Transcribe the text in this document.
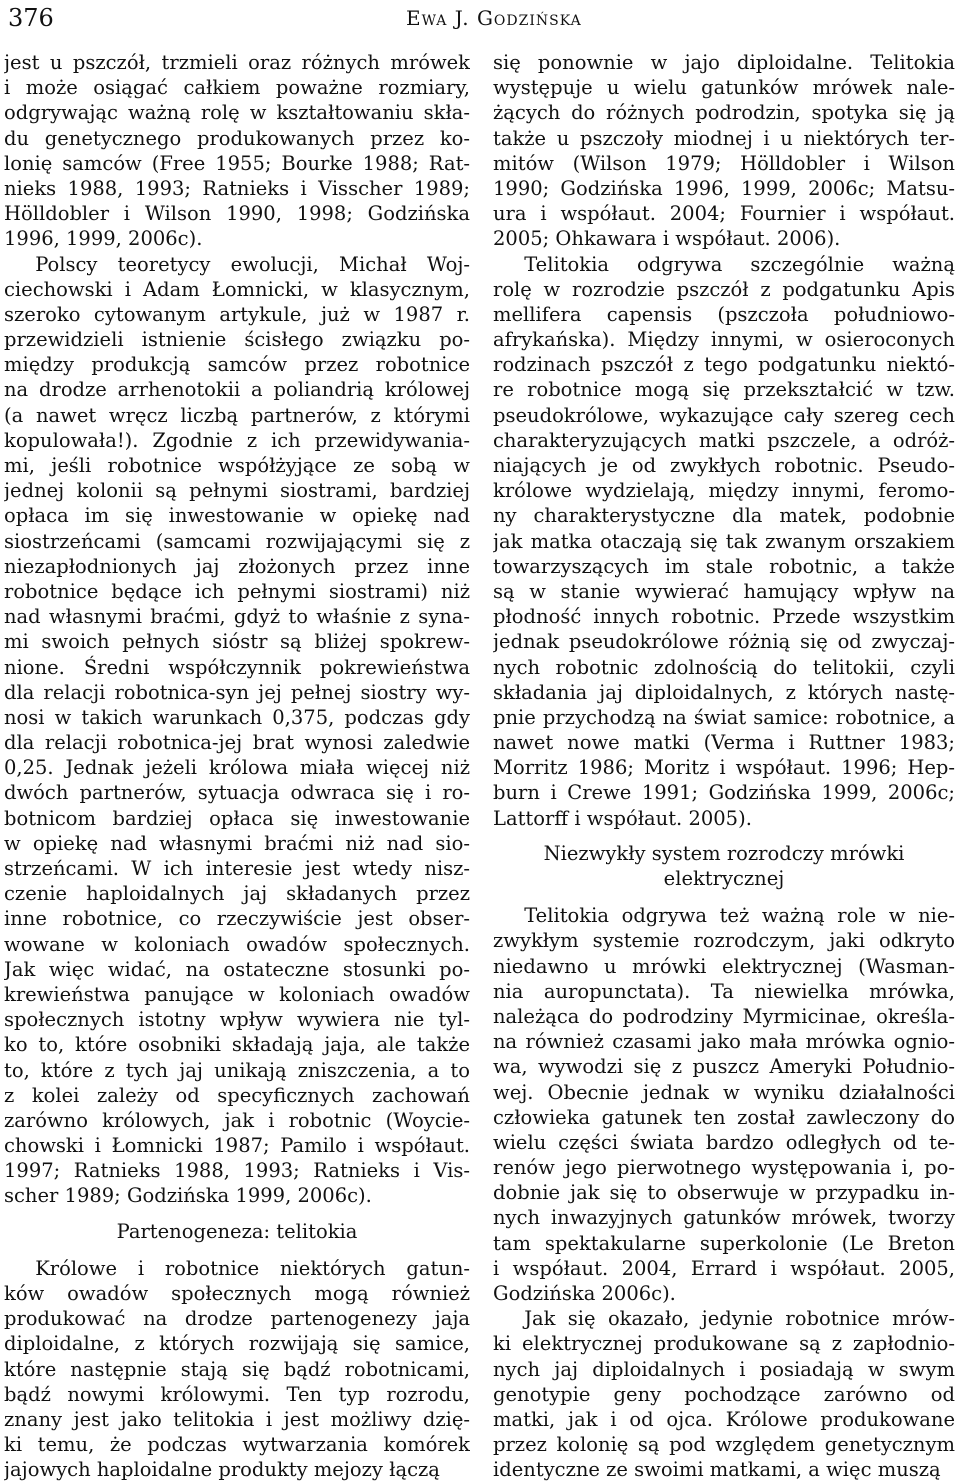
376	Ewa J. Godzińska
jest u pszczół, trzmieli oraz różnych mrówek
i może osiągać całkiem poważne rozmiary,
odgrywając ważną rolę w kształtowaniu skła-
du genetycznego produkowanych przez ko-
lonię samców (Free 1955; Bourke 1988; Rat-
nieks 1988, 1993; Ratnieks i Visscher 1989;
Hölldobler i Wilson 1990, 1998; Godzińska
1996, 1999, 2006c).
Polscy teoretycy ewolucji, Michał Woj-
ciechowski i Adam Łomnicki, w klasycznym,
szeroko cytowanym artykule, już w 1987 r.
przewidzieli istnienie ścisłego związku po-
między produkcją samców przez robotnice
na drodze arrhenotokii a poliandrią królowej
(a nawet wręcz liczbą partnerów, z którymi
kopulowała!). Zgodnie z ich przewidywania-
mi, jeśli robotnice współżyjące ze sobą w
jednej kolonii są pełnymi siostrami, bardziej
opłaca im się inwestowanie w opiekę nad
siostrzeńcami (samcami rozwijającymi się z
niezapłodnionych jaj złożonych przez inne
robotnice będące ich pełnymi siostrami) niż
nad własnymi braćmi, gdyż to właśnie z syna-
mi swoich pełnych sióstr są bliżej spokrew-
nione. Średni współczynnik pokrewieństwa
dla relacji robotnica-syn jej pełnej siostry wy-
nosi w takich warunkach 0,375, podczas gdy
dla relacji robotnica-jej brat wynosi zaledwie
0,25. Jednak jeżeli królowa miała więcej niż
dwóch partnerów, sytuacja odwraca się i ro-
botnicom bardziej opłaca się inwestowanie
w opiekę nad własnymi braćmi niż nad sio-
strzeńcami. W ich interesie jest wtedy nisz-
czenie haploidalnych jaj składanych przez
inne robotnice, co rzeczywiście jest obser-
wowane w koloniach owadów społecznych.
Jak więc widać, na ostateczne stosunki po-
krewieństwa panujące w koloniach owadów
społecznych istotny wpływ wywiera nie tyl-
ko to, które osobniki składają jaja, ale także
to, które z tych jaj unikają zniszczenia, a to
z kolei zależy od specyficznych zachowań
zarówno królowych, jak i robotnic (Woycie-
chowski i Łomnicki 1987; Pamilo i współaut.
1997; Ratnieks 1988, 1993; Ratnieks i Vis-
scher 1989; Godzińska 1999, 2006c).
Partenogeneza: telitokia
Królowe i robotnice niektórych gatun-
ków owadów społecznych mogą również
produkować na drodze partenogenezy jaja
diploidalne, z których rozwijają się samice,
które następnie stają się bądź robotnicami,
bądź nowymi królowymi. Ten typ rozrodu,
znany jest jako telitokia i jest możliwy dzię-
ki temu, że podczas wytwarzania komórek
jajowych haploidalne produkty mejozy łączą
się ponownie w jajo diploidalne. Telitokia
występuje u wielu gatunków mrówek nale-
żących do różnych podrodzin, spotyka się ją
także u pszczoły miodnej i u niektórych ter-
mitów (Wilson 1979; Hölldobler i Wilson
1990; Godzińska 1996, 1999, 2006c; Matsu-
ura i współaut. 2004; Fournier i współaut.
2005; Ohkawara i współaut. 2006).
Telitokia odgrywa szczególnie ważną
rolę w rozrodzie pszczół z podgatunku Apis
mellifera capensis (pszczoła południowo-
afrykańska). Między innymi, w osieroconych
rodzinach pszczół z tego podgatunku niektó-
re robotnice mogą się przekształcić w tzw.
pseudokrólowe, wykazujące cały szereg cech
charakteryzujących matki pszczele, a odróż-
niających je od zwykłych robotnic. Pseudo-
królowe wydzielają, między innymi, feromo-
ny charakterystyczne dla matek, podobnie
jak matka otaczają się tak zwanym orszakiem
towarzyszących im stale robotnic, a także
są w stanie wywierać hamujący wpływ na
płodność innych robotnic. Przede wszystkim
jednak pseudokrólowe różnią się od zwyczaj-
nych robotnic zdolnością do telitokii, czyli
składania jaj diploidalnych, z których nastę-
pnie przychodzą na świat samice: robotnice, a
nawet nowe matki (Verma i Ruttner 1983;
Morritz 1986; Moritz i współaut. 1996; Hep-
burn i Crewe 1991; Godzińska 1999, 2006c;
Lattorff i współaut. 2005).
Niezwykły system rozrodczy mrówki
elektrycznej
Telitokia odgrywa też ważną role w nie-
zwykłym systemie rozrodczym, jaki odkryto
niedawno u mrówki elektrycznej (Wasman-
nia auropunctata). Ta niewielka mrówka,
należąca do podrodziny Myrmicinae, określa-
na również czasami jako mała mrówka ognio-
wa, wywodzi się z puszcz Ameryki Południo-
wej. Obecnie jednak w wyniku działalności
człowieka gatunek ten został zawleczony do
wielu części świata bardzo odległych od te-
renów jego pierwotnego występowania i, po-
dobnie jak się to obserwuje w przypadku in-
nych inwazyjnych gatunków mrówek, tworzy
tam spektakularne superkolonie (Le Breton
i współaut. 2004, Errard i współaut. 2005,
Godzińska 2006c).
Jak się okazało, jedynie robotnice mrów-
ki elektrycznej produkowane są z zapłodnio-
nych jaj diploidalnych i posiadają w swym
genotypie geny pochodzące zarówno od
matki, jak i od ojca. Królowe produkowane
przez kolonię są pod względem genetycznym
identyczne ze swoimi matkami, a więc muszą
